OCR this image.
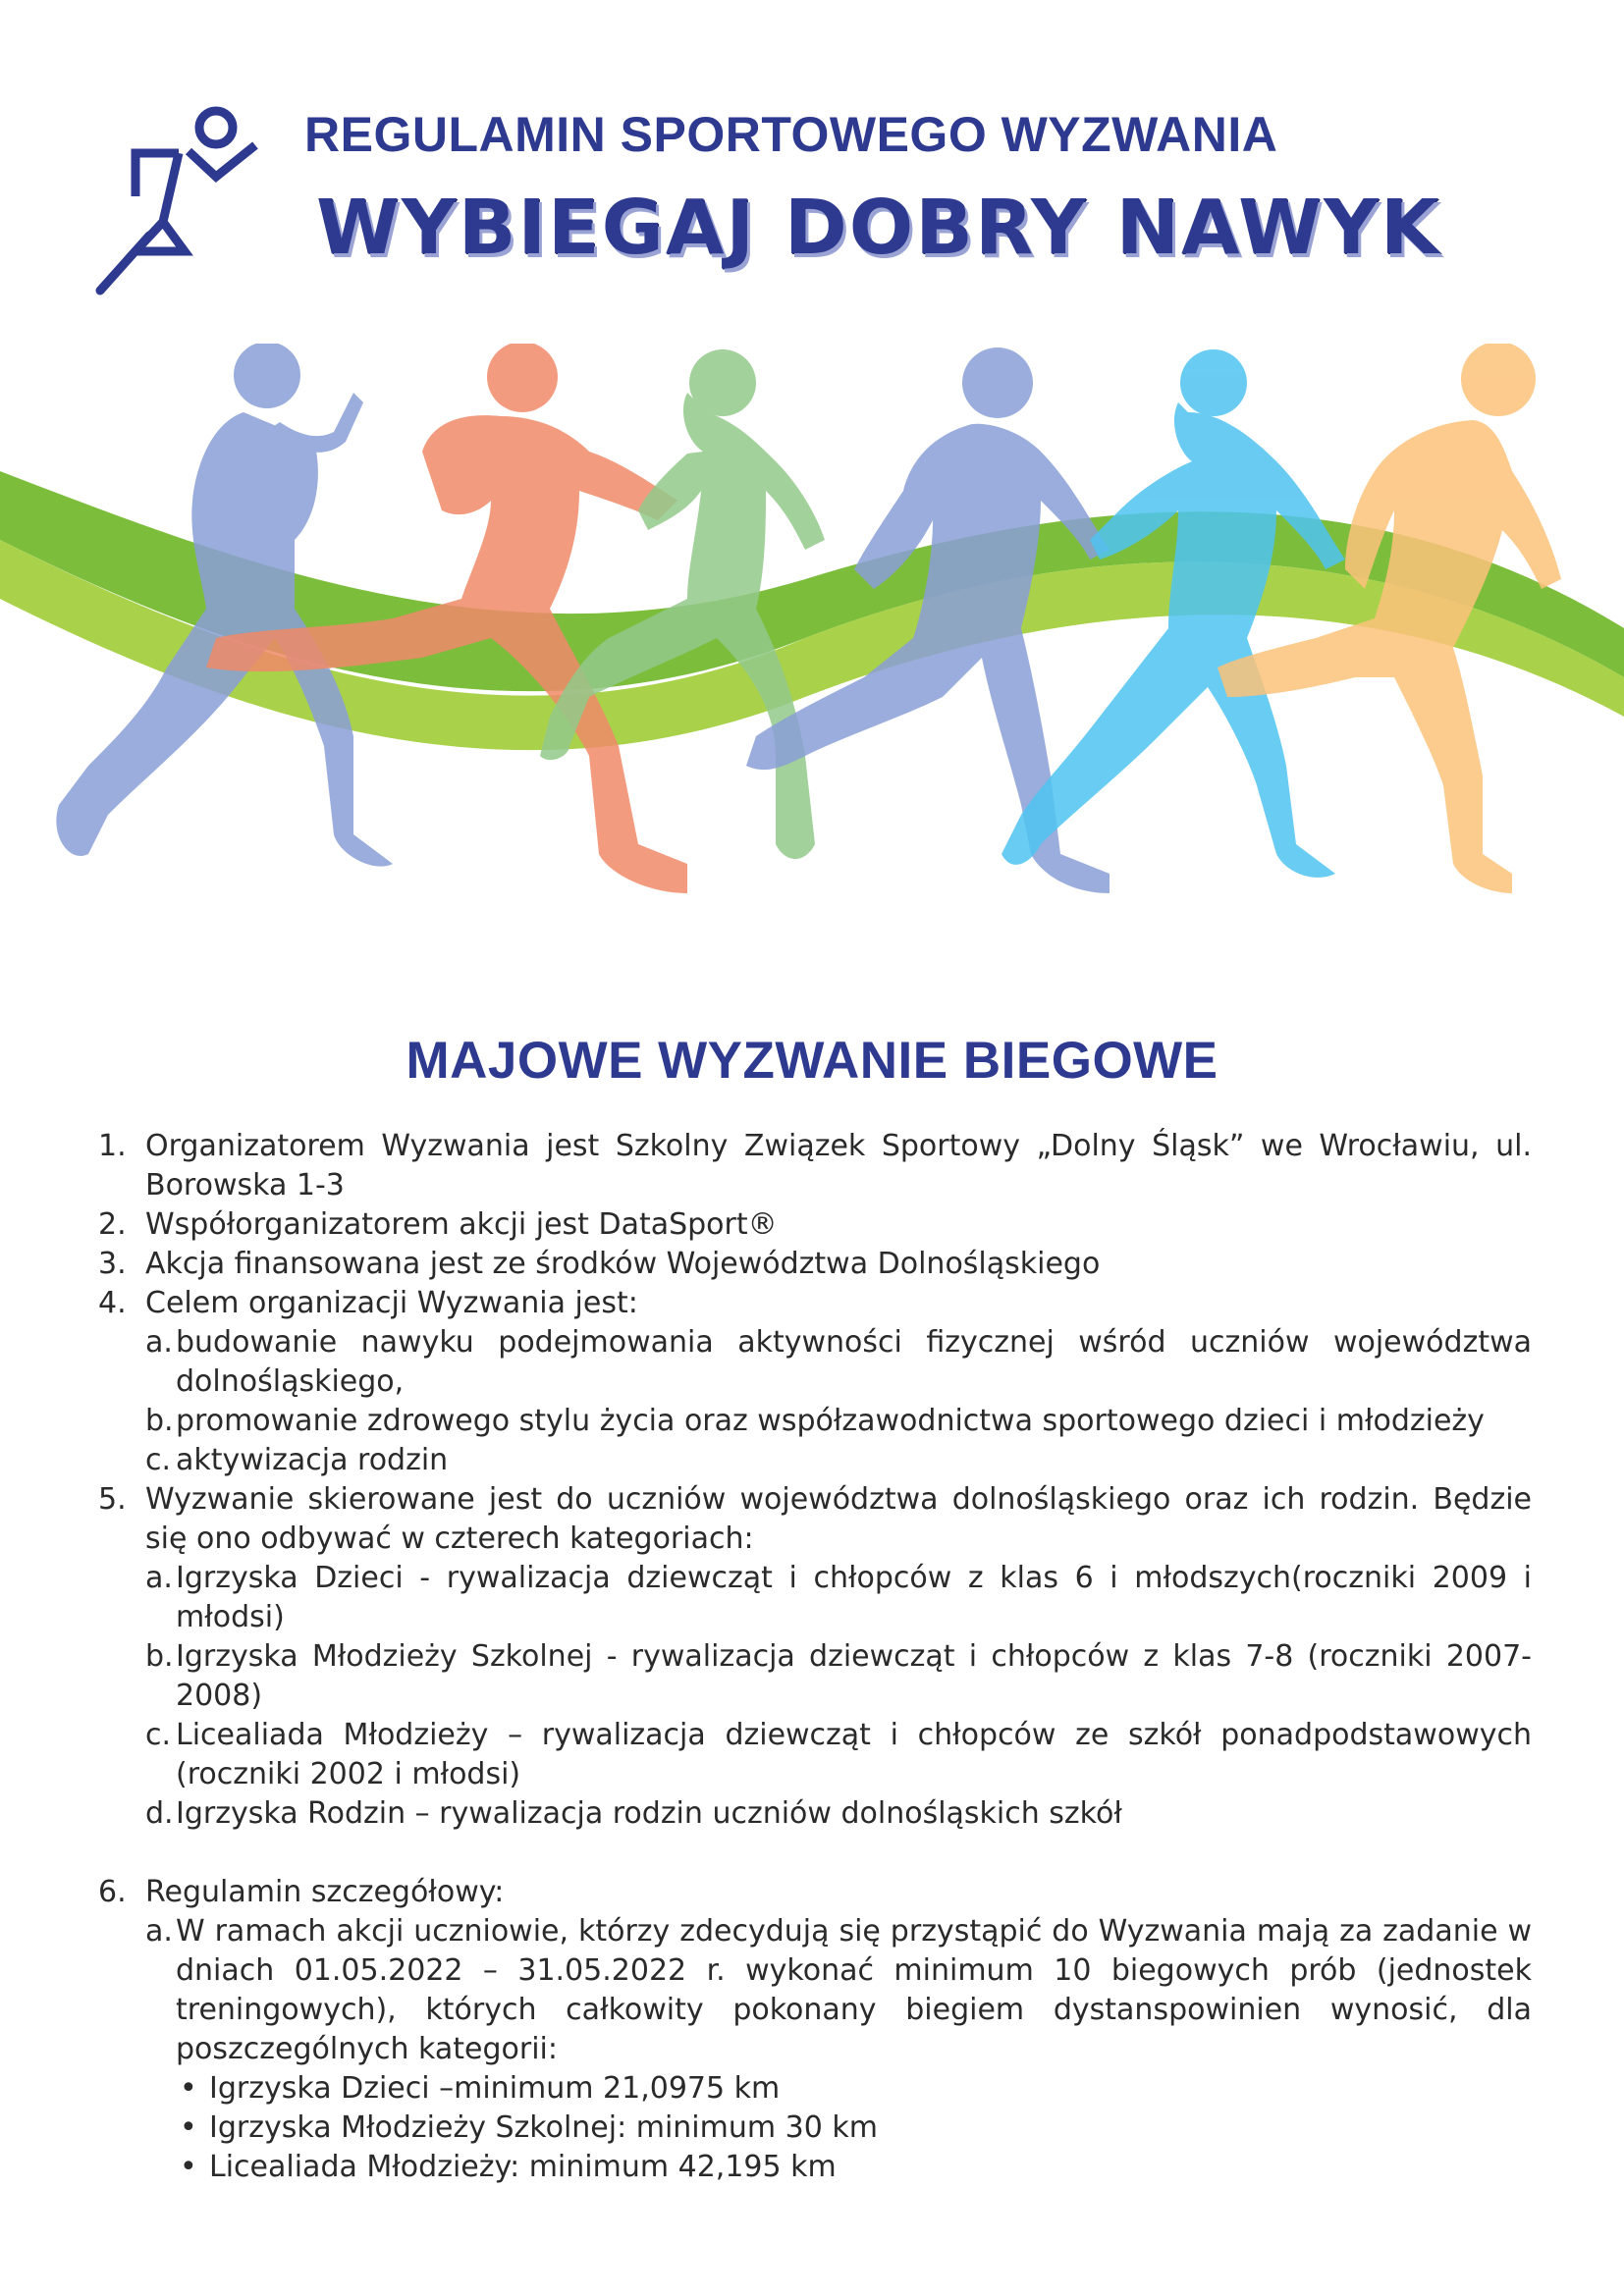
REGULAMIN SPORTOWEGO WYZWANIA
WYBIEGAJ DOBRY NAWYK
MAJOWE WYZWANIE BIEGOWE
1. Organizatorem Wyzwania jest Szkolny Związek Sportowy „Dolny Śląsk” we Wrocławiu, ul. Borowska 1-3
2. Współorganizatorem akcji jest DataSport®
3. Akcja finansowana jest ze środków Województwa Dolnośląskiego
4. Celem organizacji Wyzwania jest:
a. budowanie nawyku podejmowania aktywności fizycznej wśród uczniów województwa dolnośląskiego,
b. promowanie zdrowego stylu życia oraz współzawodnictwa sportowego dzieci i młodzieży
c. aktywizacja rodzin
5. Wyzwanie skierowane jest do uczniów województwa dolnośląskiego oraz ich rodzin. Będzie się ono odbywać w czterech kategoriach:
a. Igrzyska Dzieci - rywalizacja dziewcząt i chłopców z klas 6 i młodszych(roczniki 2009 i młodsi)
b. Igrzyska Młodzieży Szkolnej - rywalizacja dziewcząt i chłopców z klas 7-8 (roczniki 2007-2008)
c. Licealiada Młodzieży – rywalizacja dziewcząt i chłopców ze szkół ponadpodstawowych (roczniki 2002 i młodsi)
d. Igrzyska Rodzin – rywalizacja rodzin uczniów dolnośląskich szkół
6. Regulamin szczegółowy:
a. W ramach akcji uczniowie, którzy zdecydują się przystąpić do Wyzwania mają za zadanie w dniach 01.05.2022 – 31.05.2022 r. wykonać minimum 10 biegowych prób (jednostek treningowych), których całkowity pokonany biegiem dystanspowinien wynosić, dla poszczególnych kategorii:
• Igrzyska Dzieci –minimum 21,0975 km
• Igrzyska Młodzieży Szkolnej: minimum 30 km
• Licealiada Młodzieży: minimum 42,195 km
